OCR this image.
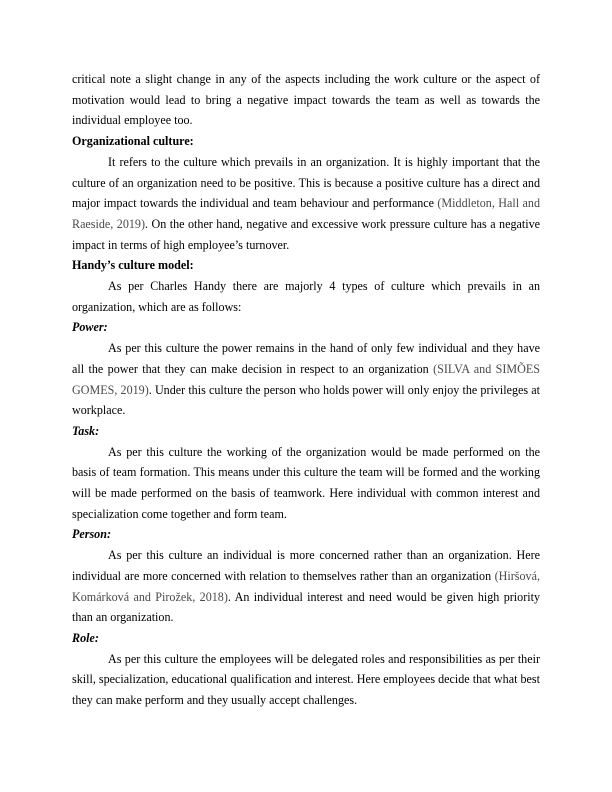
critical note a slight change in any of the aspects including the work culture or the aspect of motivation would lead to bring a negative impact towards the team as well as towards the individual employee too.

Organizational culture:

It refers to the culture which prevails in an organization. It is highly important that the culture of an organization need to be positive. This is because a positive culture has a direct and major impact towards the individual and team behaviour and performance (Middleton, Hall and Raeside, 2019). On the other hand, negative and excessive work pressure culture has a negative impact in terms of high employee’s turnover.

Handy’s culture model:

As per Charles Handy there are majorly 4 types of culture which prevails in an organization, which are as follows:

Power:

As per this culture the power remains in the hand of only few individual and they have all the power that they can make decision in respect to an organization (SILVA and SIMÕES GOMES, 2019). Under this culture the person who holds power will only enjoy the privileges at workplace.

Task:

As per this culture the working of the organization would be made performed on the basis of team formation. This means under this culture the team will be formed and the working will be made performed on the basis of teamwork. Here individual with common interest and specialization come together and form team.

Person:

As per this culture an individual is more concerned rather than an organization. Here individual are more concerned with relation to themselves rather than an organization (Hiršová, Komárková and Pirožek, 2018). An individual interest and need would be given high priority than an organization.

Role:

As per this culture the employees will be delegated roles and responsibilities as per their skill, specialization, educational qualification and interest. Here employees decide that what best they can make perform and they usually accept challenges.
